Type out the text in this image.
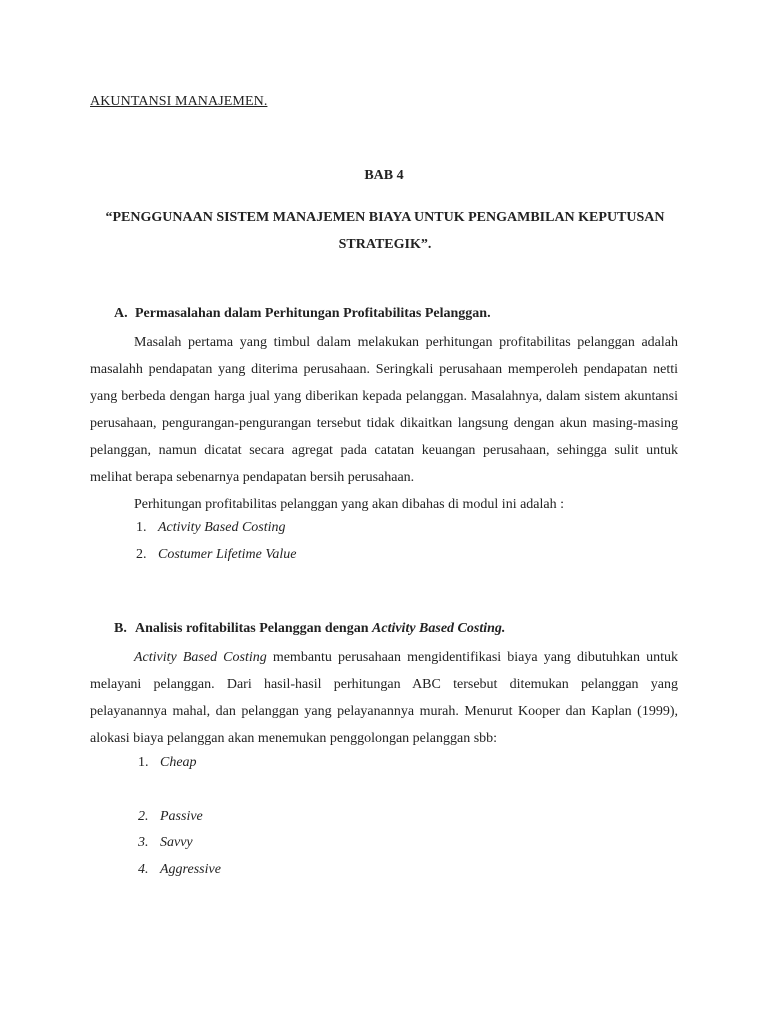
AKUNTANSI MANAJEMEN.
BAB 4
“PENGGUNAAN SISTEM MANAJEMEN BIAYA UNTUK PENGAMBILAN KEPUTUSAN STRATEGIK”.
A. Permasalahan dalam Perhitungan Profitabilitas Pelanggan.
Masalah pertama yang timbul dalam melakukan perhitungan profitabilitas pelanggan adalah masalahh pendapatan yang diterima perusahaan. Seringkali perusahaan memperoleh pendapatan netti yang berbeda dengan harga jual yang diberikan kepada pelanggan. Masalahnya, dalam sistem akuntansi perusahaan, pengurangan-pengurangan tersebut tidak dikaitkan langsung dengan akun masing-masing pelanggan, namun dicatat secara agregat pada catatan keuangan perusahaan, sehingga sulit untuk melihat berapa sebenarnya pendapatan bersih perusahaan.
Perhitungan profitabilitas pelanggan yang akan dibahas di modul ini adalah :
1. Activity Based Costing
2. Costumer Lifetime Value
B. Analisis rofitabilitas Pelanggan dengan Activity Based Costing.
Activity Based Costing membantu perusahaan mengidentifikasi biaya yang dibutuhkan untuk melayani pelanggan. Dari hasil-hasil perhitungan ABC tersebut ditemukan pelanggan yang pelayanannya mahal, dan pelanggan yang pelayanannya murah. Menurut Kooper dan Kaplan (1999), alokasi biaya pelanggan akan menemukan penggolongan pelanggan sbb:
1. Cheap
2. Passive
3. Savvy
4. Aggressive
